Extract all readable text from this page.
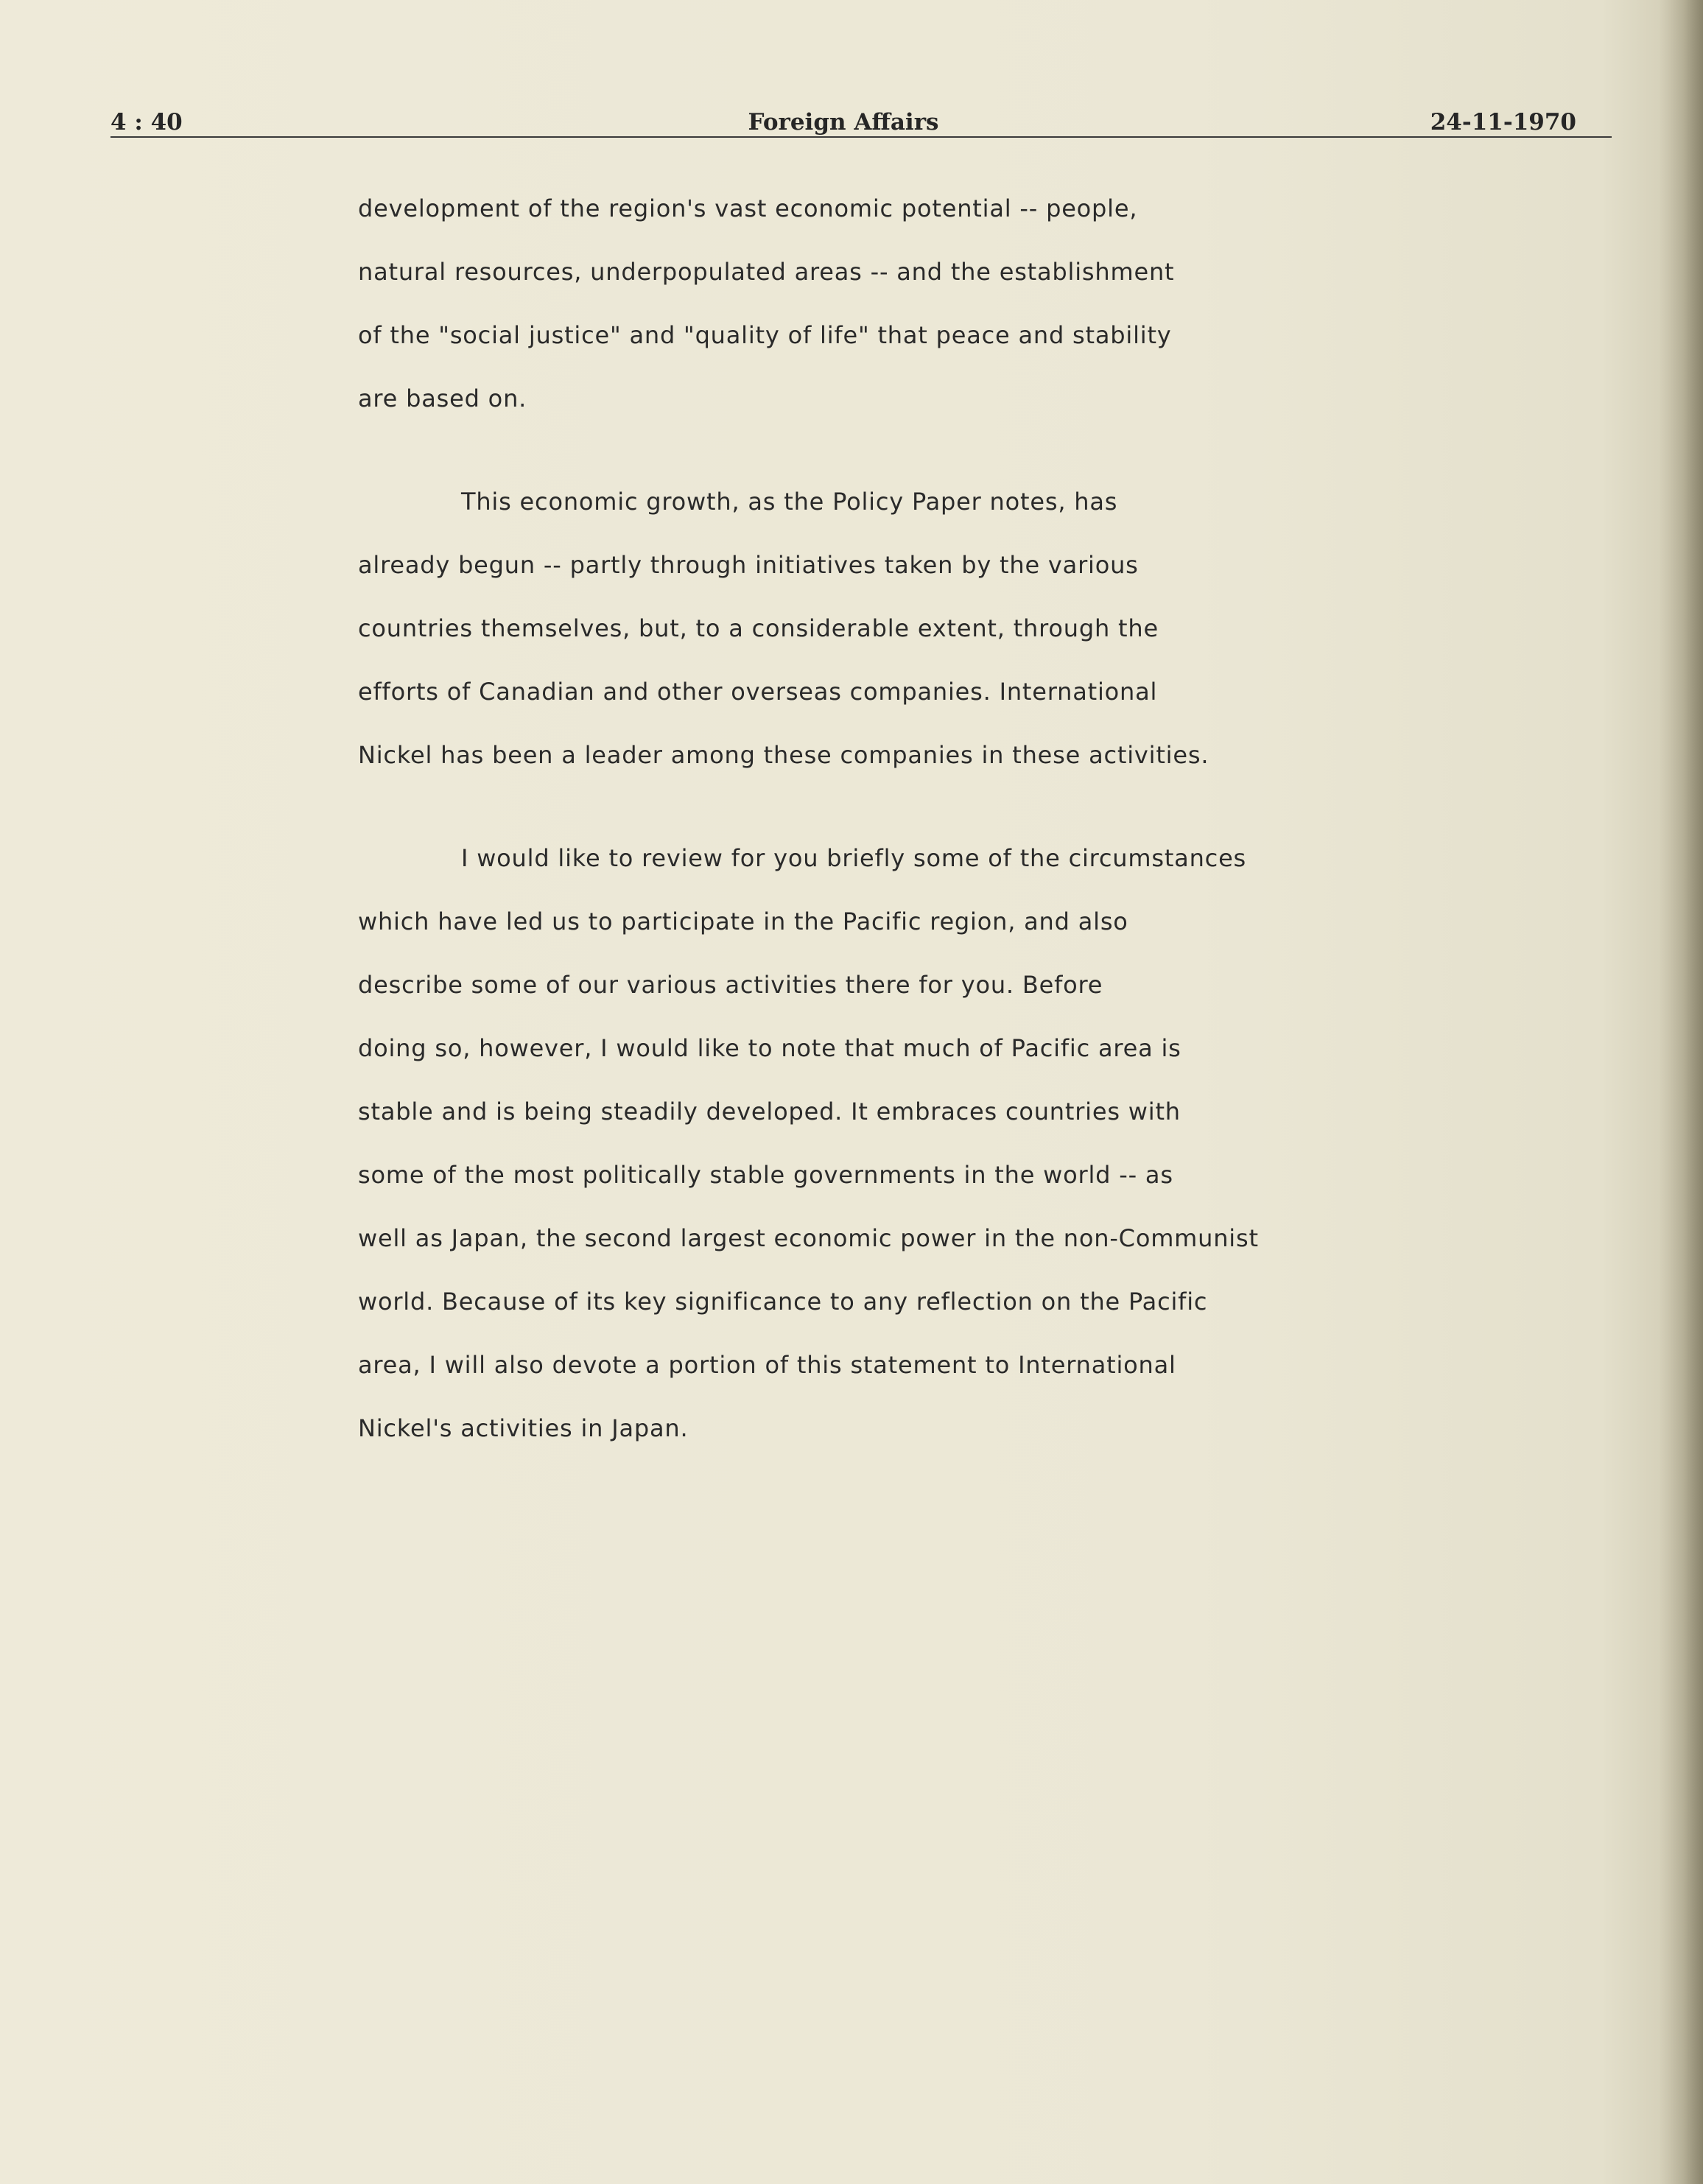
4 : 40	Foreign Affairs	24-11-1970
development of the region's vast economic potential -- people,
natural resources, underpopulated areas -- and the establishment
of the "social justice" and "quality of life" that peace and stability
are based on.
This economic growth, as the Policy Paper notes, has
already begun -- partly through initiatives taken by the various
countries themselves, but, to a considerable extent, through the
efforts of Canadian and other overseas companies. International
Nickel has been a leader among these companies in these activities.
I would like to review for you briefly some of the circumstances
which have led us to participate in the Pacific region, and also
describe some of our various activities there for you. Before
doing so, however, I would like to note that much of Pacific area is
stable and is being steadily developed. It embraces countries with
some of the most politically stable governments in the world -- as
well as Japan, the second largest economic power in the non-Communist
world. Because of its key significance to any reflection on the Pacific
area, I will also devote a portion of this statement to International
Nickel's activities in Japan.
